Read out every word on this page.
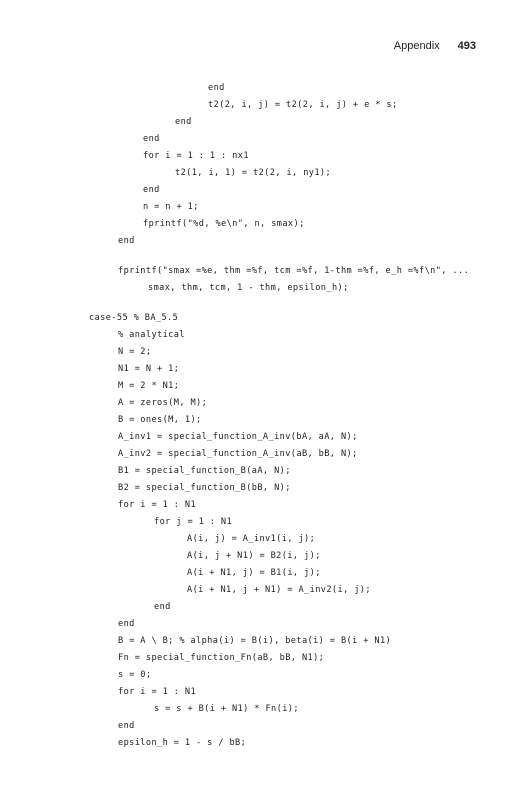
Appendix 493
end
t2(2, i, j) = t2(2, i, j) + e * s;
end
end
for i = 1 : 1 : nx1
t2(1, i, 1) = t2(2, i, ny1);
end
n = n + 1;
fprintf("%d, %e\n", n, smax);
end
fprintf("smax =%e, thm =%f, tcm =%f, 1-thm =%f, e_h =%f\n", ...
smax, thm, tcm, 1 - thm, epsilon_h);
case-55 % BA_5.5
% analytical
N = 2;
N1 = N + 1;
M = 2 * N1;
A = zeros(M, M);
B = ones(M, 1);
A_inv1 = special_function_A_inv(bA, aA, N);
A_inv2 = special_function_A_inv(aB, bB, N);
B1 = special_function_B(aA, N);
B2 = special_function_B(bB, N);
for i = 1 : N1
for j = 1 : N1
A(i, j) = A_inv1(i, j);
A(i, j + N1) = B2(i, j);
A(i + N1, j) = B1(i, j);
A(i + N1, j + N1) = A_inv2(i, j);
end
end
B = A \ B; % alpha(i) = B(i), beta(i) = B(i + N1)
Fn = special_function_Fn(aB, bB, N1);
s = 0;
for i = 1 : N1
s = s + B(i + N1) * Fn(i);
end
epsilon_h = 1 - s / bB;
